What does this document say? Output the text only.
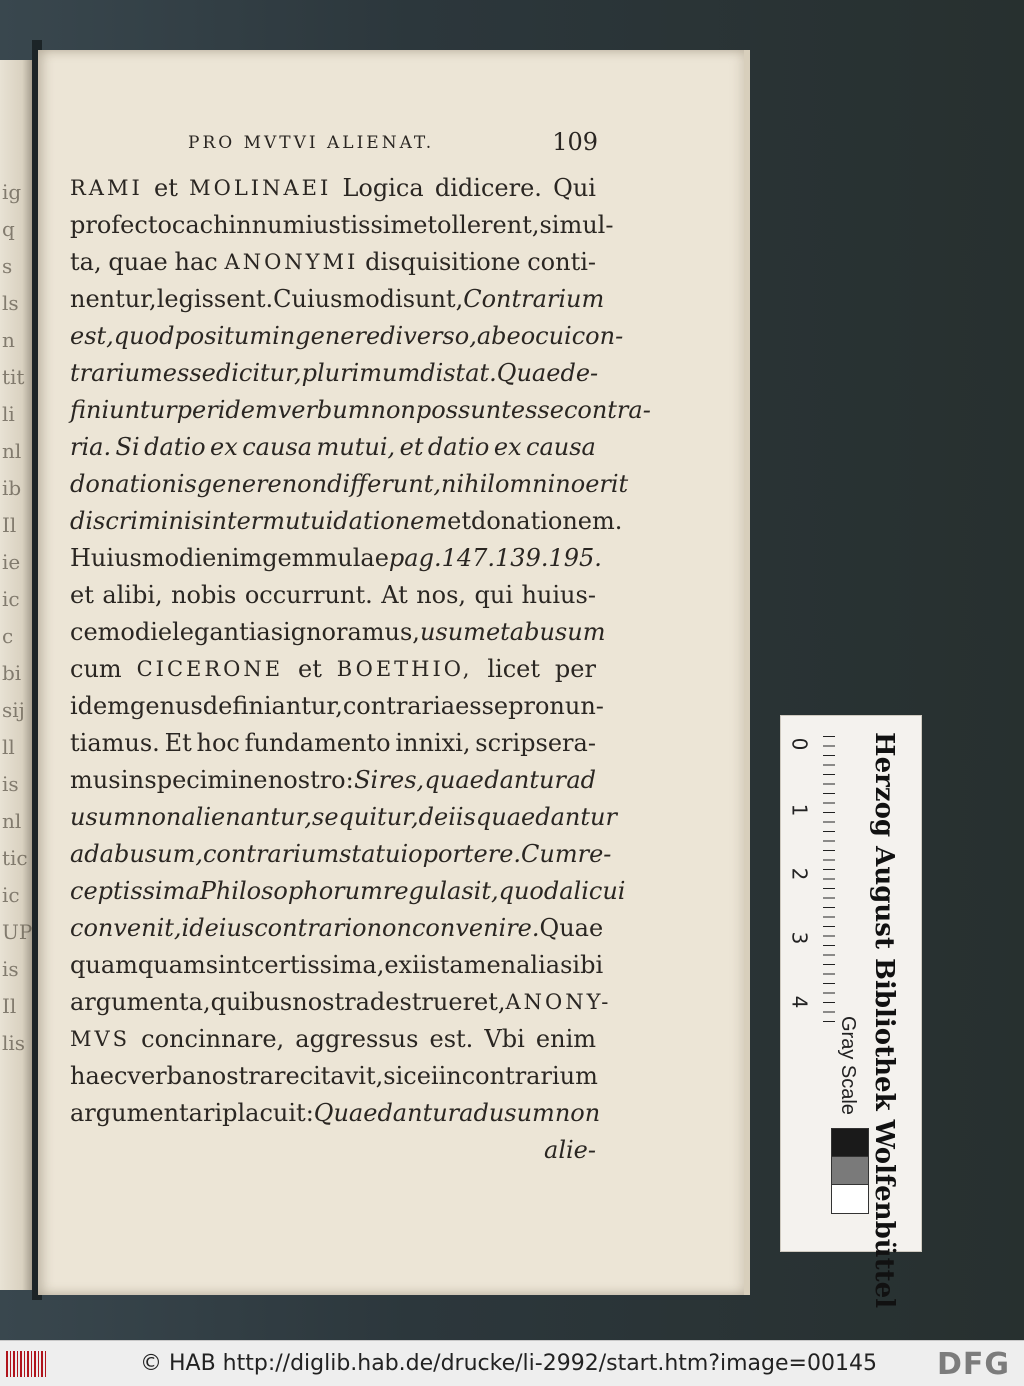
ig
q
s
ls
n
tit
li
nl
ib
Il
ie
ic
c
bi
sij
ll
is
nl
tic
ic
UP
is
Il
lis
PRO MVTVI ALIENAT.	109
RAMI et MOLINAEI Logica didicere. Qui
profecto cachinnum iustissime tollerent, si mul-
ta, quae hac ANONYMI disquisitione conti-
nentur, legissent. Cuiusmodi sunt, Contrarium
est, quod positum in genere diverso, ab eo cui con-
trarium esse dicitur, plurimum distat. Quae de-
finiuntur per idem verbum non possunt esse contra-
ria. Si datio ex causa mutui, et datio ex causa
donationis genere non differunt, nihil omnino erit
discriminis inter mutui dationem et donationem.
Huiusmodi enim gemmulae pag. 147. 139. 195.
et alibi, nobis occurrunt. At nos, qui huius-
cemodi elegantias ignoramus, usum et abusum
cum CICERONE et BOETHIO, licet per
idem genus definiantur, contraria esse pronun-
tiamus. Et hoc fundamento innixi, scripsera-
mus in specimine nostro: Si res, quae dantur ad
usum non alienantur, sequitur, de iis quae dantur
ad abusum, contrarium statui oportere. Cum re-
ceptissima Philosophorum regula sit, quod alicui
convenit, id eius contrario non convenire. Quae
quamquam sint certissima, ex iis tamen alia sibi
argumenta, quibus nostra destrueret, ANONY-
MVS concinnare, aggressus est. Vbi enim
haec verba nostra recitavit, sic ei in contrarium
argumentari placuit: Quae dantur ad usum non
alie-
0
1
2
3
4 Herzog August Bibliothek Wolfenbüttel
Gray Scale
© HAB http://diglib.hab.de/drucke/li-2992/start.htm?image=00145 DFG
